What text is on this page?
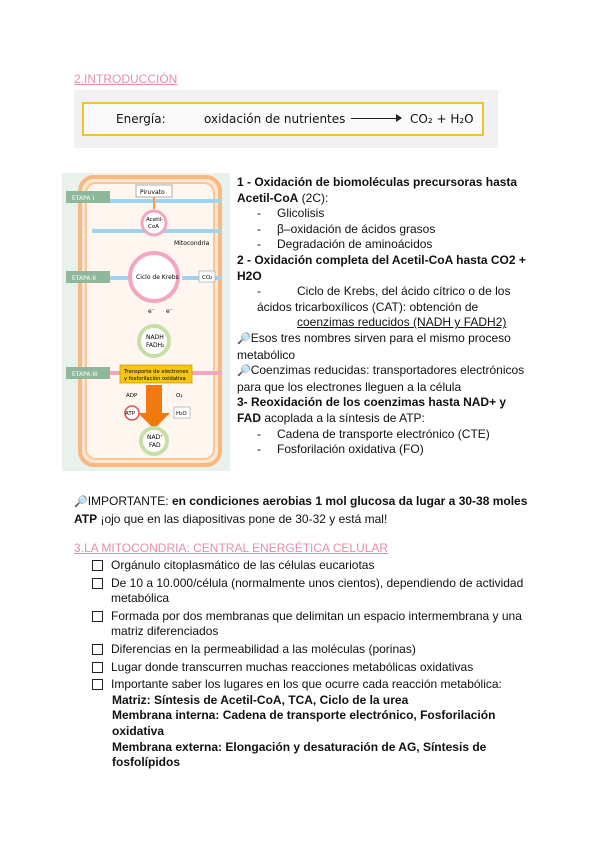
2.INTRODUCCIÓN
Energía:	oxidación de nutrientes	CO₂ + H₂O
ETAPA I
ETAPA II
ETAPA III
Piruvato
Acetil-
CoA
Mitocondria
Ciclo de Krebs	CO₂
e⁻ e⁻
NADH
FADH₂
Transporte de electrones
y fosforilación oxidativa
ADP
ATP
O₂
H₂O
NAD⁺
FAD

1 - Oxidación de biomoléculas precursoras hasta Acetil-CoA (2C):

- Glicolisis

- β–oxidación de ácidos grasos

- Degradación de aminoácidos

2 - Oxidación completa del Acetil-CoA hasta CO2 + H2O

- Ciclo de Krebs, del ácido cítrico o de los ácidos tricarboxílicos (CAT): obtención de
coenzimas reducidos (NADH y FADH2)

🔎Esos tres nombres sirven para el mismo proceso metabólico

🔎Coenzimas reducidas: transportadores electrónicos para que los electrones lleguen a la célula

3- Reoxidación de los coenzimas hasta NAD+ y FAD acoplada a la síntesis de ATP:

- Cadena de transporte electrónico (CTE)

- Fosforilación oxidativa (FO)

🔎IMPORTANTE: en condiciones aerobias 1 mol glucosa da lugar a 30-38 moles ATP ¡ojo que en las diapositivas pone de 30-32 y está mal!
3.LA MITOCONDRIA: CENTRAL ENERGÉTICA CELULAR
Orgánulo citoplasmático de las células eucariotas
De 10 a 10.000/célula (normalmente unos cientos), dependiendo de actividad metabólica
Formada por dos membranas que delimitan un espacio intermembrana y una matriz diferenciados
Diferencias en la permeabilidad a las moléculas (porinas)
Lugar donde transcurren muchas reacciones metabólicas oxidativas
Importante saber los lugares en los que ocurre cada reacción metabólica:
Matriz: Síntesis de Acetil-CoA, TCA, Ciclo de la urea
Membrana interna: Cadena de transporte electrónico, Fosforilación oxidativa
Membrana externa: Elongación y desaturación de AG, Síntesis de fosfolípidos
